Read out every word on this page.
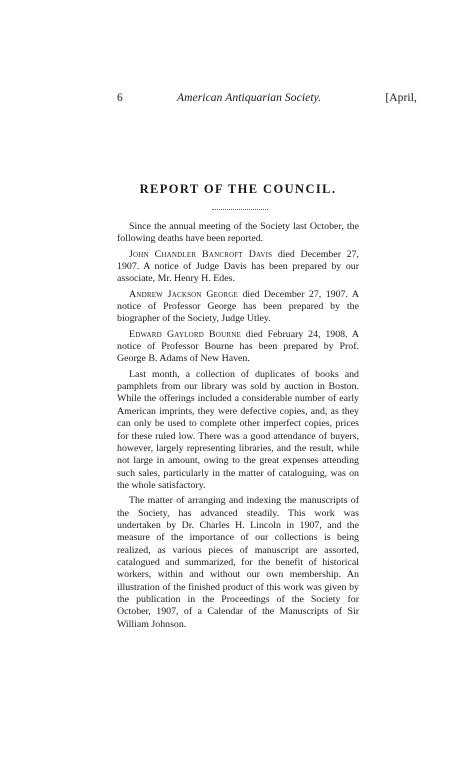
6	American Antiquarian Society.	[April,
REPORT OF THE COUNCIL.

Since the annual meeting of the Society last October, the following deaths have been reported.

John Chandler Bancroft Davis died December 27, 1907. A notice of Judge Davis has been prepared by our associate, Mr. Henry H. Edes.

Andrew Jackson George died December 27, 1907. A notice of Professor George has been prepared by the biographer of the Society, Judge Utley.

Edward Gaylord Bourne died February 24, 1908. A notice of Professor Bourne has been prepared by Prof. George B. Adams of New Haven.

Last month, a collection of duplicates of books and pamphlets from our library was sold by auction in Boston. While the offerings included a considerable number of early American imprints, they were defective copies, and, as they can only be used to complete other imperfect copies, prices for these ruled low. There was a good attendance of buyers, however, largely representing libraries, and the result, while not large in amount, owing to the great expenses attending such sales, particularly in the matter of cataloguing, was on the whole satisfactory.

The matter of arranging and indexing the manuscripts of the Society, has advanced steadily. This work was undertaken by Dr. Charles H. Lincoln in 1907, and the measure of the importance of our collections is being realized, as various pieces of manuscript are assorted, catalogued and summarized, for the benefit of historical workers, within and without our own membership. An illustration of the finished product of this work was given by the publication in the Proceedings of the Society for October, 1907, of a Calendar of the Manuscripts of Sir William Johnson.
